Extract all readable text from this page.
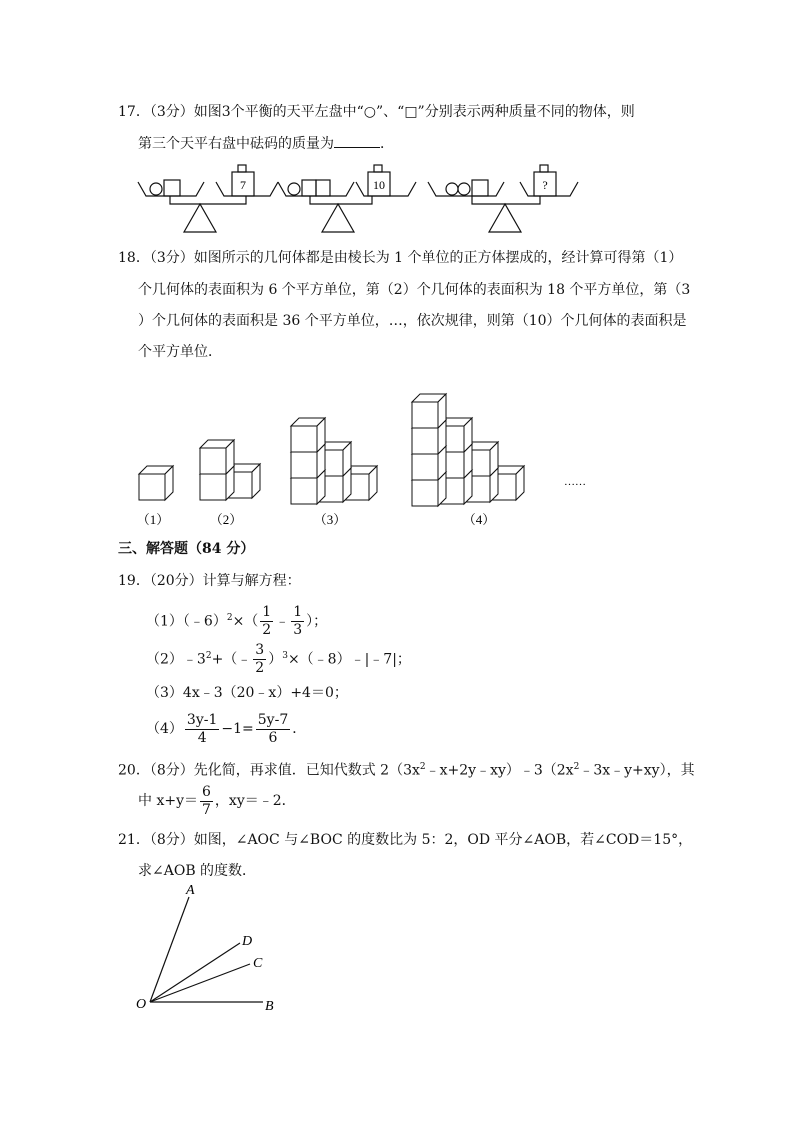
17．（3分）如图3个平衡的天平左盘中“○”、“□”分别表示两种质量不同的物体，则
第三个天平右盘中砝码的质量为	．
7	10	?
18．（3分）如图所示的几何体都是由棱长为 1 个单位的正方体摆成的，经计算可得第（1）
个几何体的表面积为 6 个平方单位，第（2）个几何体的表面积为 18 个平方单位，第（3
）个几何体的表面积是 36 个平方单位，…，依次规律，则第（10）个几何体的表面积是
个平方单位．
（1）	（2）	（3）	（4）
……
三、解答题（84 分）
19．（20分）计算与解方程：
（1）（﹣6）$^2$×（ $\frac{1}{2}$ ﹣ $\frac{1}{3}$ ）；
$(2)﹣3^2+(﹣ \frac{3}{2}$ ）$^3$×（﹣8）﹣|﹣7|；
（3）4x﹣3（20﹣x）+4＝0；
$(4) \frac{3y-1}{4} -1= \frac{5y-7}{6}$ ．
20．（8分）先化简，再求值．已知代数式 $2(3x^2﹣x+2y﹣xy)﹣3(2x^2﹣3x﹣y+xy)$，其
中 $x+y= \frac{6}{7}$ ，xy＝﹣2．
21．（8分）如图，∠AOC 与∠BOC 的度数比为 5：2，OD 平分∠AOB，若∠COD＝15°，
求∠AOB 的度数．
A
D
C
O	B
